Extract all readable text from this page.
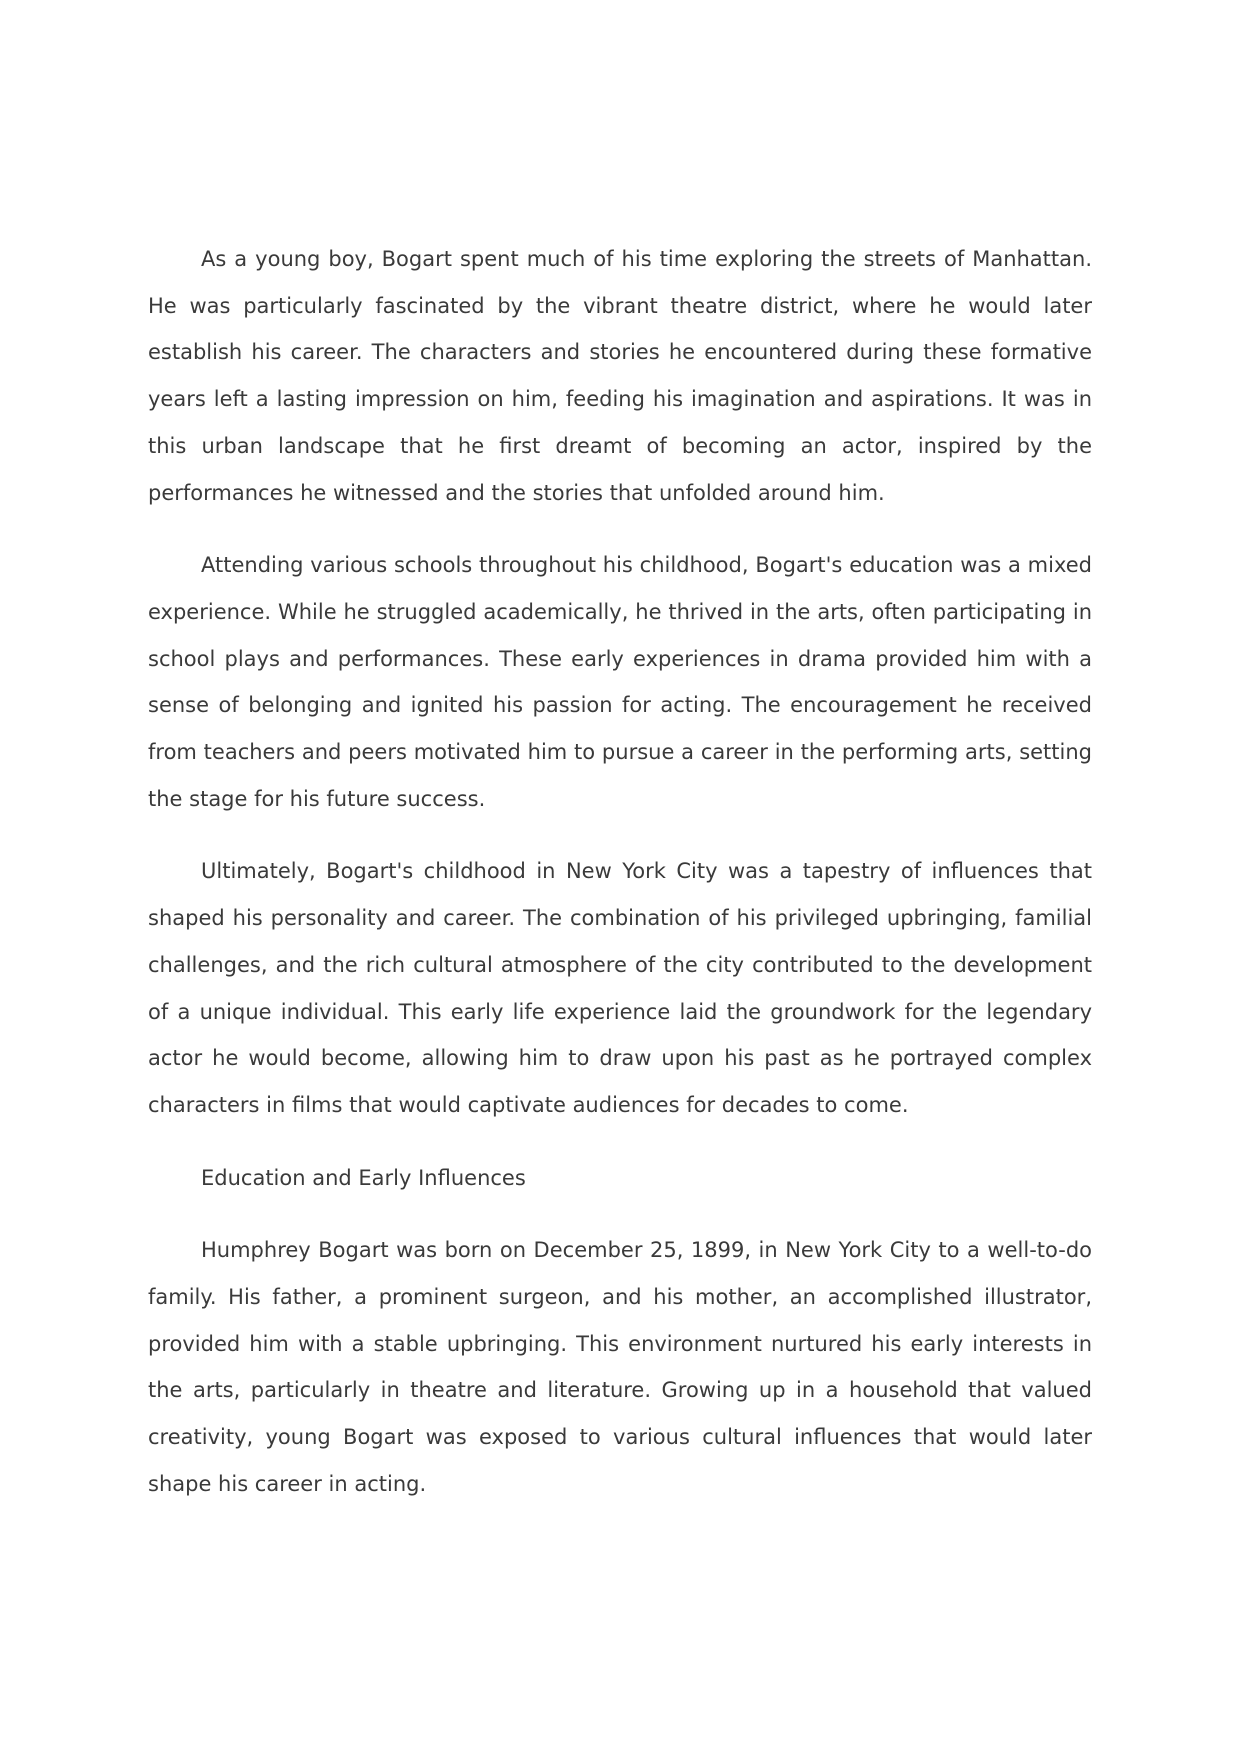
As a young boy, Bogart spent much of his time exploring the streets of Manhattan. He was particularly fascinated by the vibrant theatre district, where he would later establish his career. The characters and stories he encountered during these formative years left a lasting impression on him, feeding his imagination and aspirations. It was in this urban landscape that he first dreamt of becoming an actor, inspired by the performances he witnessed and the stories that unfolded around him.

Attending various schools throughout his childhood, Bogart's education was a mixed experience. While he struggled academically, he thrived in the arts, often participating in school plays and performances. These early experiences in drama provided him with a sense of belonging and ignited his passion for acting. The encouragement he received from teachers and peers motivated him to pursue a career in the performing arts, setting the stage for his future success.

Ultimately, Bogart's childhood in New York City was a tapestry of influences that shaped his personality and career. The combination of his privileged upbringing, familial challenges, and the rich cultural atmosphere of the city contributed to the development of a unique individual. This early life experience laid the groundwork for the legendary actor he would become, allowing him to draw upon his past as he portrayed complex characters in films that would captivate audiences for decades to come.

Education and Early Influences

Humphrey Bogart was born on December 25, 1899, in New York City to a well-to-do family. His father, a prominent surgeon, and his mother, an accomplished illustrator, provided him with a stable upbringing. This environment nurtured his early interests in the arts, particularly in theatre and literature. Growing up in a household that valued creativity, young Bogart was exposed to various cultural influences that would later shape his career in acting.
